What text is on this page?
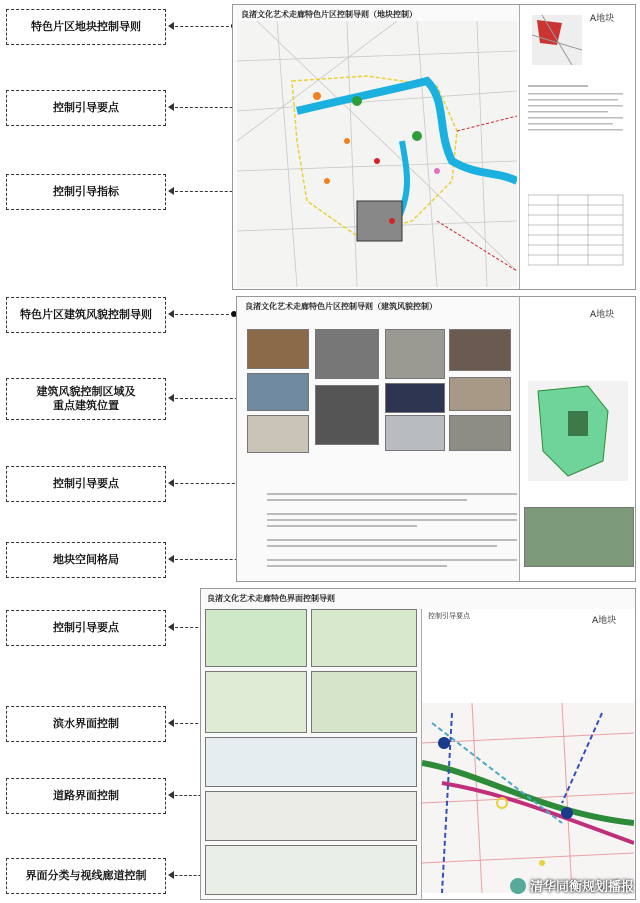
特色片区地块控制导则
控制引导要点
控制引导指标
特色片区建筑风貌控制导则
建筑风貌控制区域及
重点建筑位置
控制引导要点
地块空间格局
控制引导要点
滨水界面控制
道路界面控制
界面分类与视线廊道控制
良渚文化艺术走廊特色片区控制导则（地块控制）	A地块
良渚文化艺术走廊特色片区控制导则（建筑风貌控制）
A地块
良渚文化艺术走廊特色界面控制导则
控制引导要点	A地块
清华同衡规划播报
